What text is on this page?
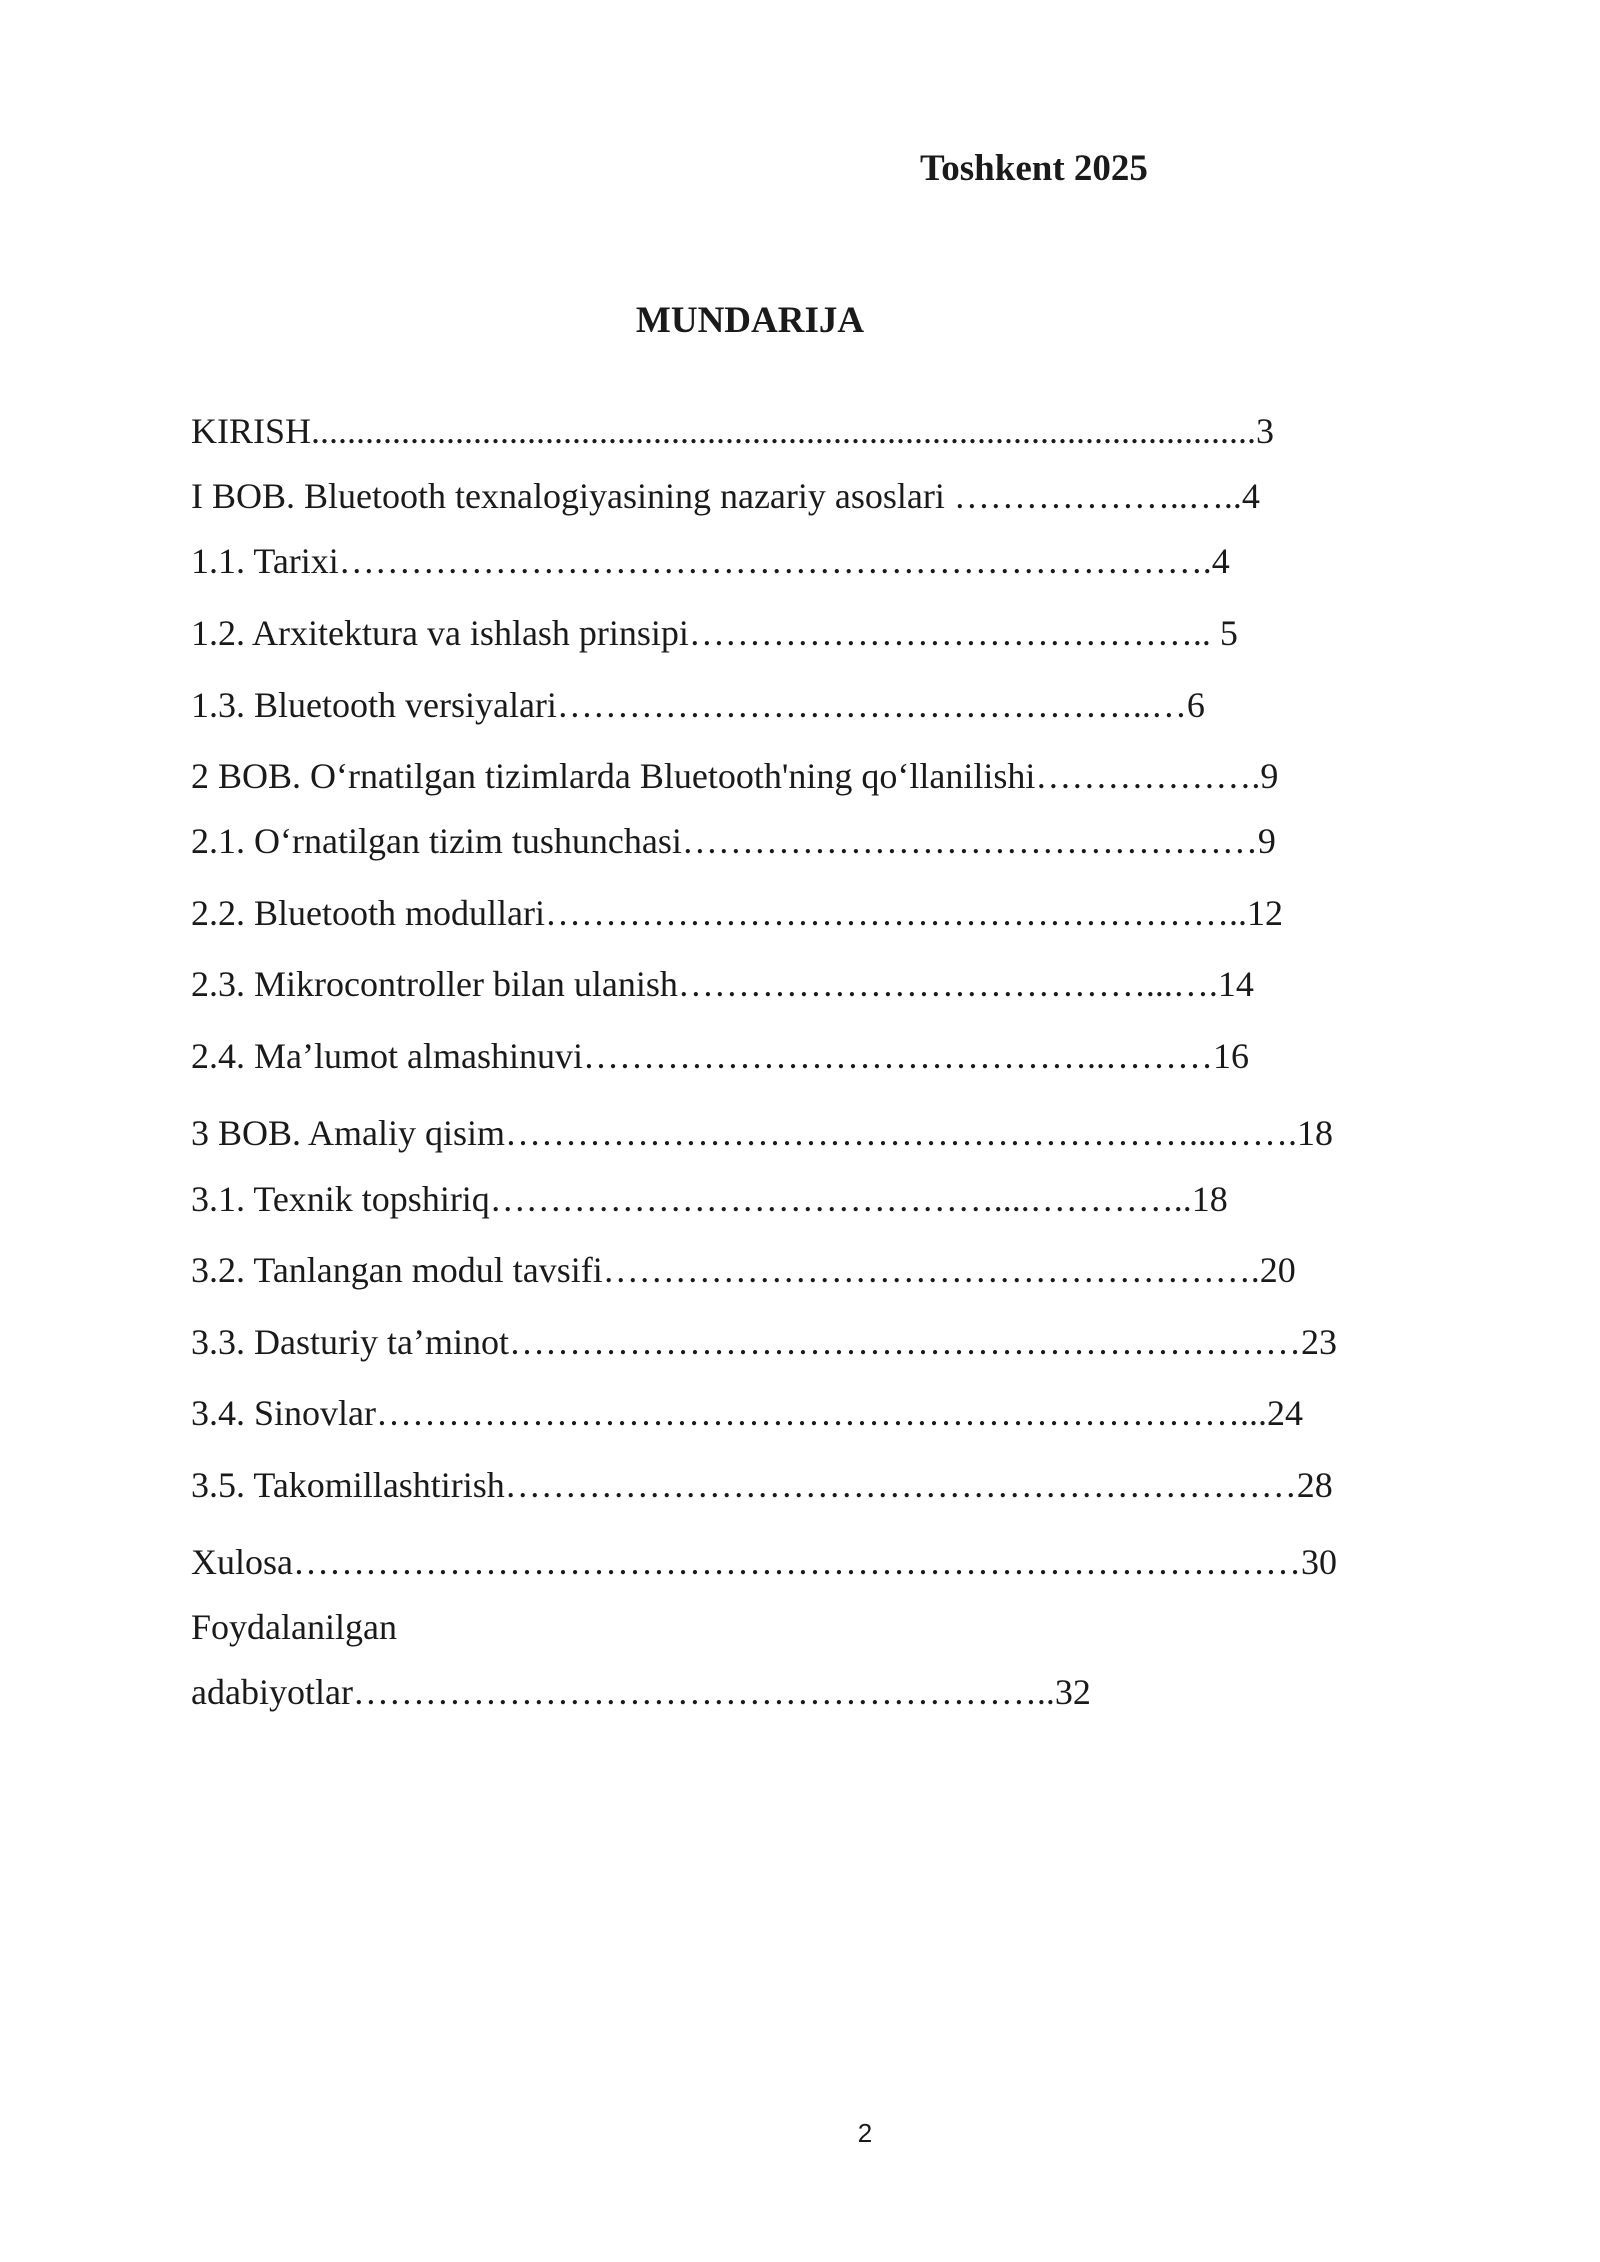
Toshkent 2025
MUNDARIJA
KIRISH.........................................................................................................3
I BOB. Bluetooth texnalogiyasining nazariy asoslari ………………..…..4
1.1. Tarixi……………………………………………………………….4
1.2. Arxitektura va ishlash prinsipi…………………………………….. 5
1.3. Bluetooth versiyalari…………………………………………..…6
2 BOB. O‘rnatilgan tizimlarda Bluetooth'ning qo‘llanilishi……………….9
2.1. O‘rnatilgan tizim tushunchasi…………………………………………9
2.2. Bluetooth modullari…………………………………………………..12
2.3. Mikrocontroller bilan ulanish…………………………………...….14
2.4. Ma’lumot almashinuvi……………………………………..………16
3 BOB. Amaliy qisim…………………………………………………...…….18
3.1. Texnik topshiriq……………………………………....…………..18
3.2. Tanlangan modul tavsifi……………………………………………….20
3.3. Dasturiy ta’minot…………………………………………………………23
3.4. Sinovlar………………………………………………………………...24
3.5. Takomillashtirish…………………………………………………………28
Xulosa…………………………………………………………………………30
Foydalanilgan
adabiyotlar…………………………………………………..32
2
